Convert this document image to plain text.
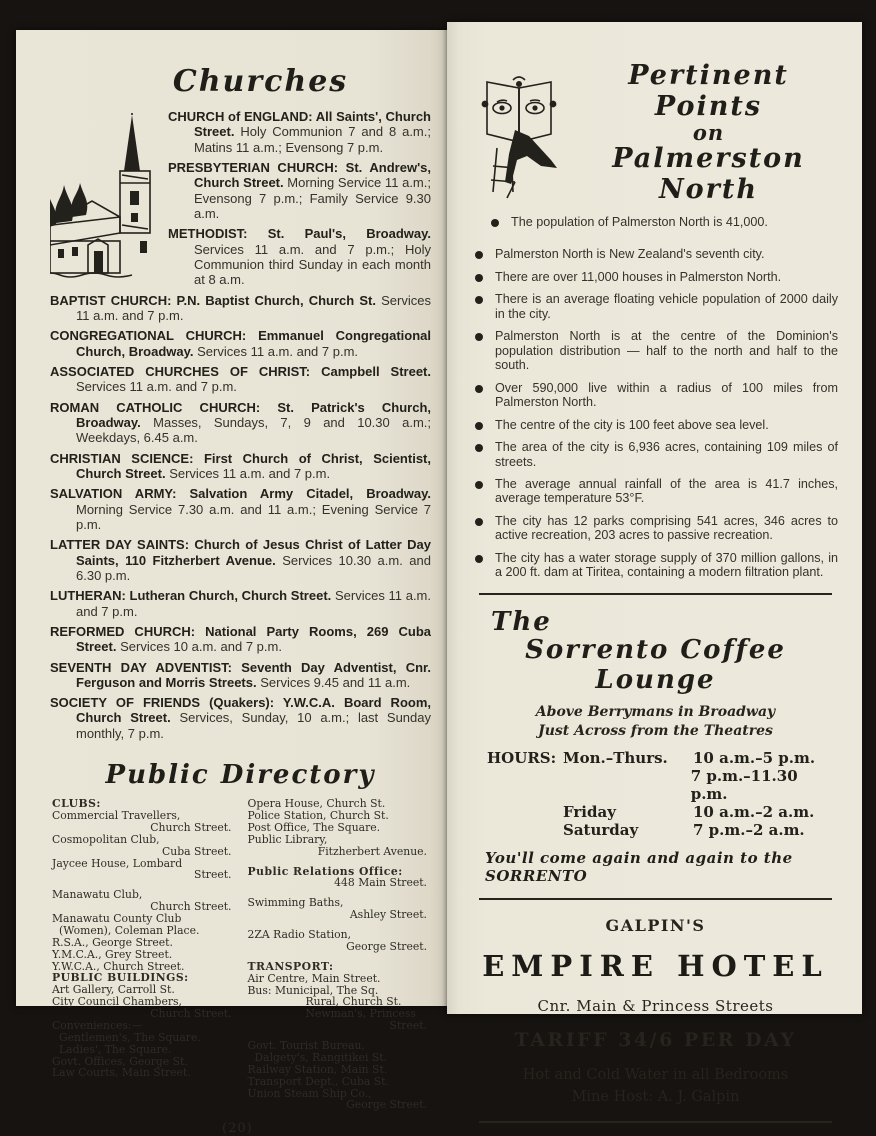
Churches
CHURCH of ENGLAND: All Saints', Church Street. Holy Communion 7 and 8 a.m.; Matins 11 a.m.; Evensong 7 p.m.
PRESBYTERIAN CHURCH: St. Andrew's, Church Street. Morning Service 11 a.m.; Evensong 7 p.m.; Family Service 9.30 a.m.
METHODIST: St. Paul's, Broadway. Services 11 a.m. and 7 p.m.; Holy Communion third Sunday in each month at 8 a.m.
BAPTIST CHURCH: P.N. Baptist Church, Church St. Services 11 a.m. and 7 p.m.
CONGREGATIONAL CHURCH: Emmanuel Congregational Church, Broadway. Services 11 a.m. and 7 p.m.
ASSOCIATED CHURCHES OF CHRIST: Campbell Street. Services 11 a.m. and 7 p.m.
ROMAN CATHOLIC CHURCH: St. Patrick's Church, Broadway. Masses, Sundays, 7, 9 and 10.30 a.m.; Weekdays, 6.45 a.m.
CHRISTIAN SCIENCE: First Church of Christ, Scientist, Church Street. Services 11 a.m. and 7 p.m.
SALVATION ARMY: Salvation Army Citadel, Broadway. Morning Service 7.30 a.m. and 11 a.m.; Evening Service 7 p.m.
LATTER DAY SAINTS: Church of Jesus Christ of Latter Day Saints, 110 Fitzherbert Avenue. Services 10.30 a.m. and 6.30 p.m.
LUTHERAN: Lutheran Church, Church Street. Services 11 a.m. and 7 p.m.
REFORMED CHURCH: National Party Rooms, 269 Cuba Street. Services 10 a.m. and 7 p.m.
SEVENTH DAY ADVENTIST: Seventh Day Adventist, Cnr. Ferguson and Morris Streets. Services 9.45 and 11 a.m.
SOCIETY OF FRIENDS (Quakers): Y.W.C.A. Board Room, Church Street. Services, Sunday, 10 a.m.; last Sunday monthly, 7 p.m.
Public Directory
CLUBS:
Commercial Travellers,
Church Street.
Cosmopolitan Club,
Cuba Street.
Jaycee House, Lombard
Street.
Manawatu Club,
Church Street.
Manawatu County Club
(Women), Coleman Place.
R.S.A., George Street.
Y.M.C.A., Grey Street.
Y.W.C.A., Church Street.
PUBLIC BUILDINGS:
Art Gallery, Carroll St.
City Council Chambers,
Church Street.
Conveniences:—
Gentlemen's, The Square.
Ladies', The Square.
Govt. Offices, George St.
Law Courts, Main Street.
Opera House, Church St.
Police Station, Church St.
Post Office, The Square.
Public Library,
Fitzherbert Avenue.
Public Relations Office:
448 Main Street.
Swimming Baths,
Ashley Street.
2ZA Radio Station,
George Street.
TRANSPORT:
Air Centre, Main Street.
Bus: Municipal, The Sq.
Rural, Church St.
Newman's, Princess
Street.
Govt. Tourist Bureau,
Dalgety's, Rangitikei St.
Railway Station, Main St.
Transport Dept., Cuba St.
Union Steam Ship Co.,
George Street.
(20)
Pertinent Points
on
Palmerston North
The population of Palmerston North is 41,000.
Palmerston North is New Zealand's seventh city.
There are over 11,000 houses in Palmerston North.
There is an average floating vehicle population of 2000 daily in the city.
Palmerston North is at the centre of the Dominion's population distribution — half to the north and half to the south.
Over 590,000 live within a radius of 100 miles from Palmerston North.
The centre of the city is 100 feet above sea level.
The area of the city is 6,936 acres, containing 109 miles of streets.
The average annual rainfall of the area is 41.7 inches, average temperature 53°F.
The city has 12 parks comprising 541 acres, 346 acres to active recreation, 203 acres to passive recreation.
The city has a water storage supply of 370 million gallons, in a 200 ft. dam at Tiritea, containing a modern filtration plant.
The
Sorrento Coffee Lounge
Above Berrymans in Broadway
Just Across from the Theatres
HOURS: Mon.–Thurs.	10 a.m.–5 p.m.
7 p.m.–11.30 p.m.
Friday	10 a.m.–2 a.m.
Saturday	7 p.m.–2 a.m.
You'll come again and again to the SORRENTO
GALPIN'S
EMPIRE HOTEL
Cnr. Main & Princess Streets
TARIFF 34/6 PER DAY
Hot and Cold Water in all Bedrooms
Mine Host: A. J. Galpin
